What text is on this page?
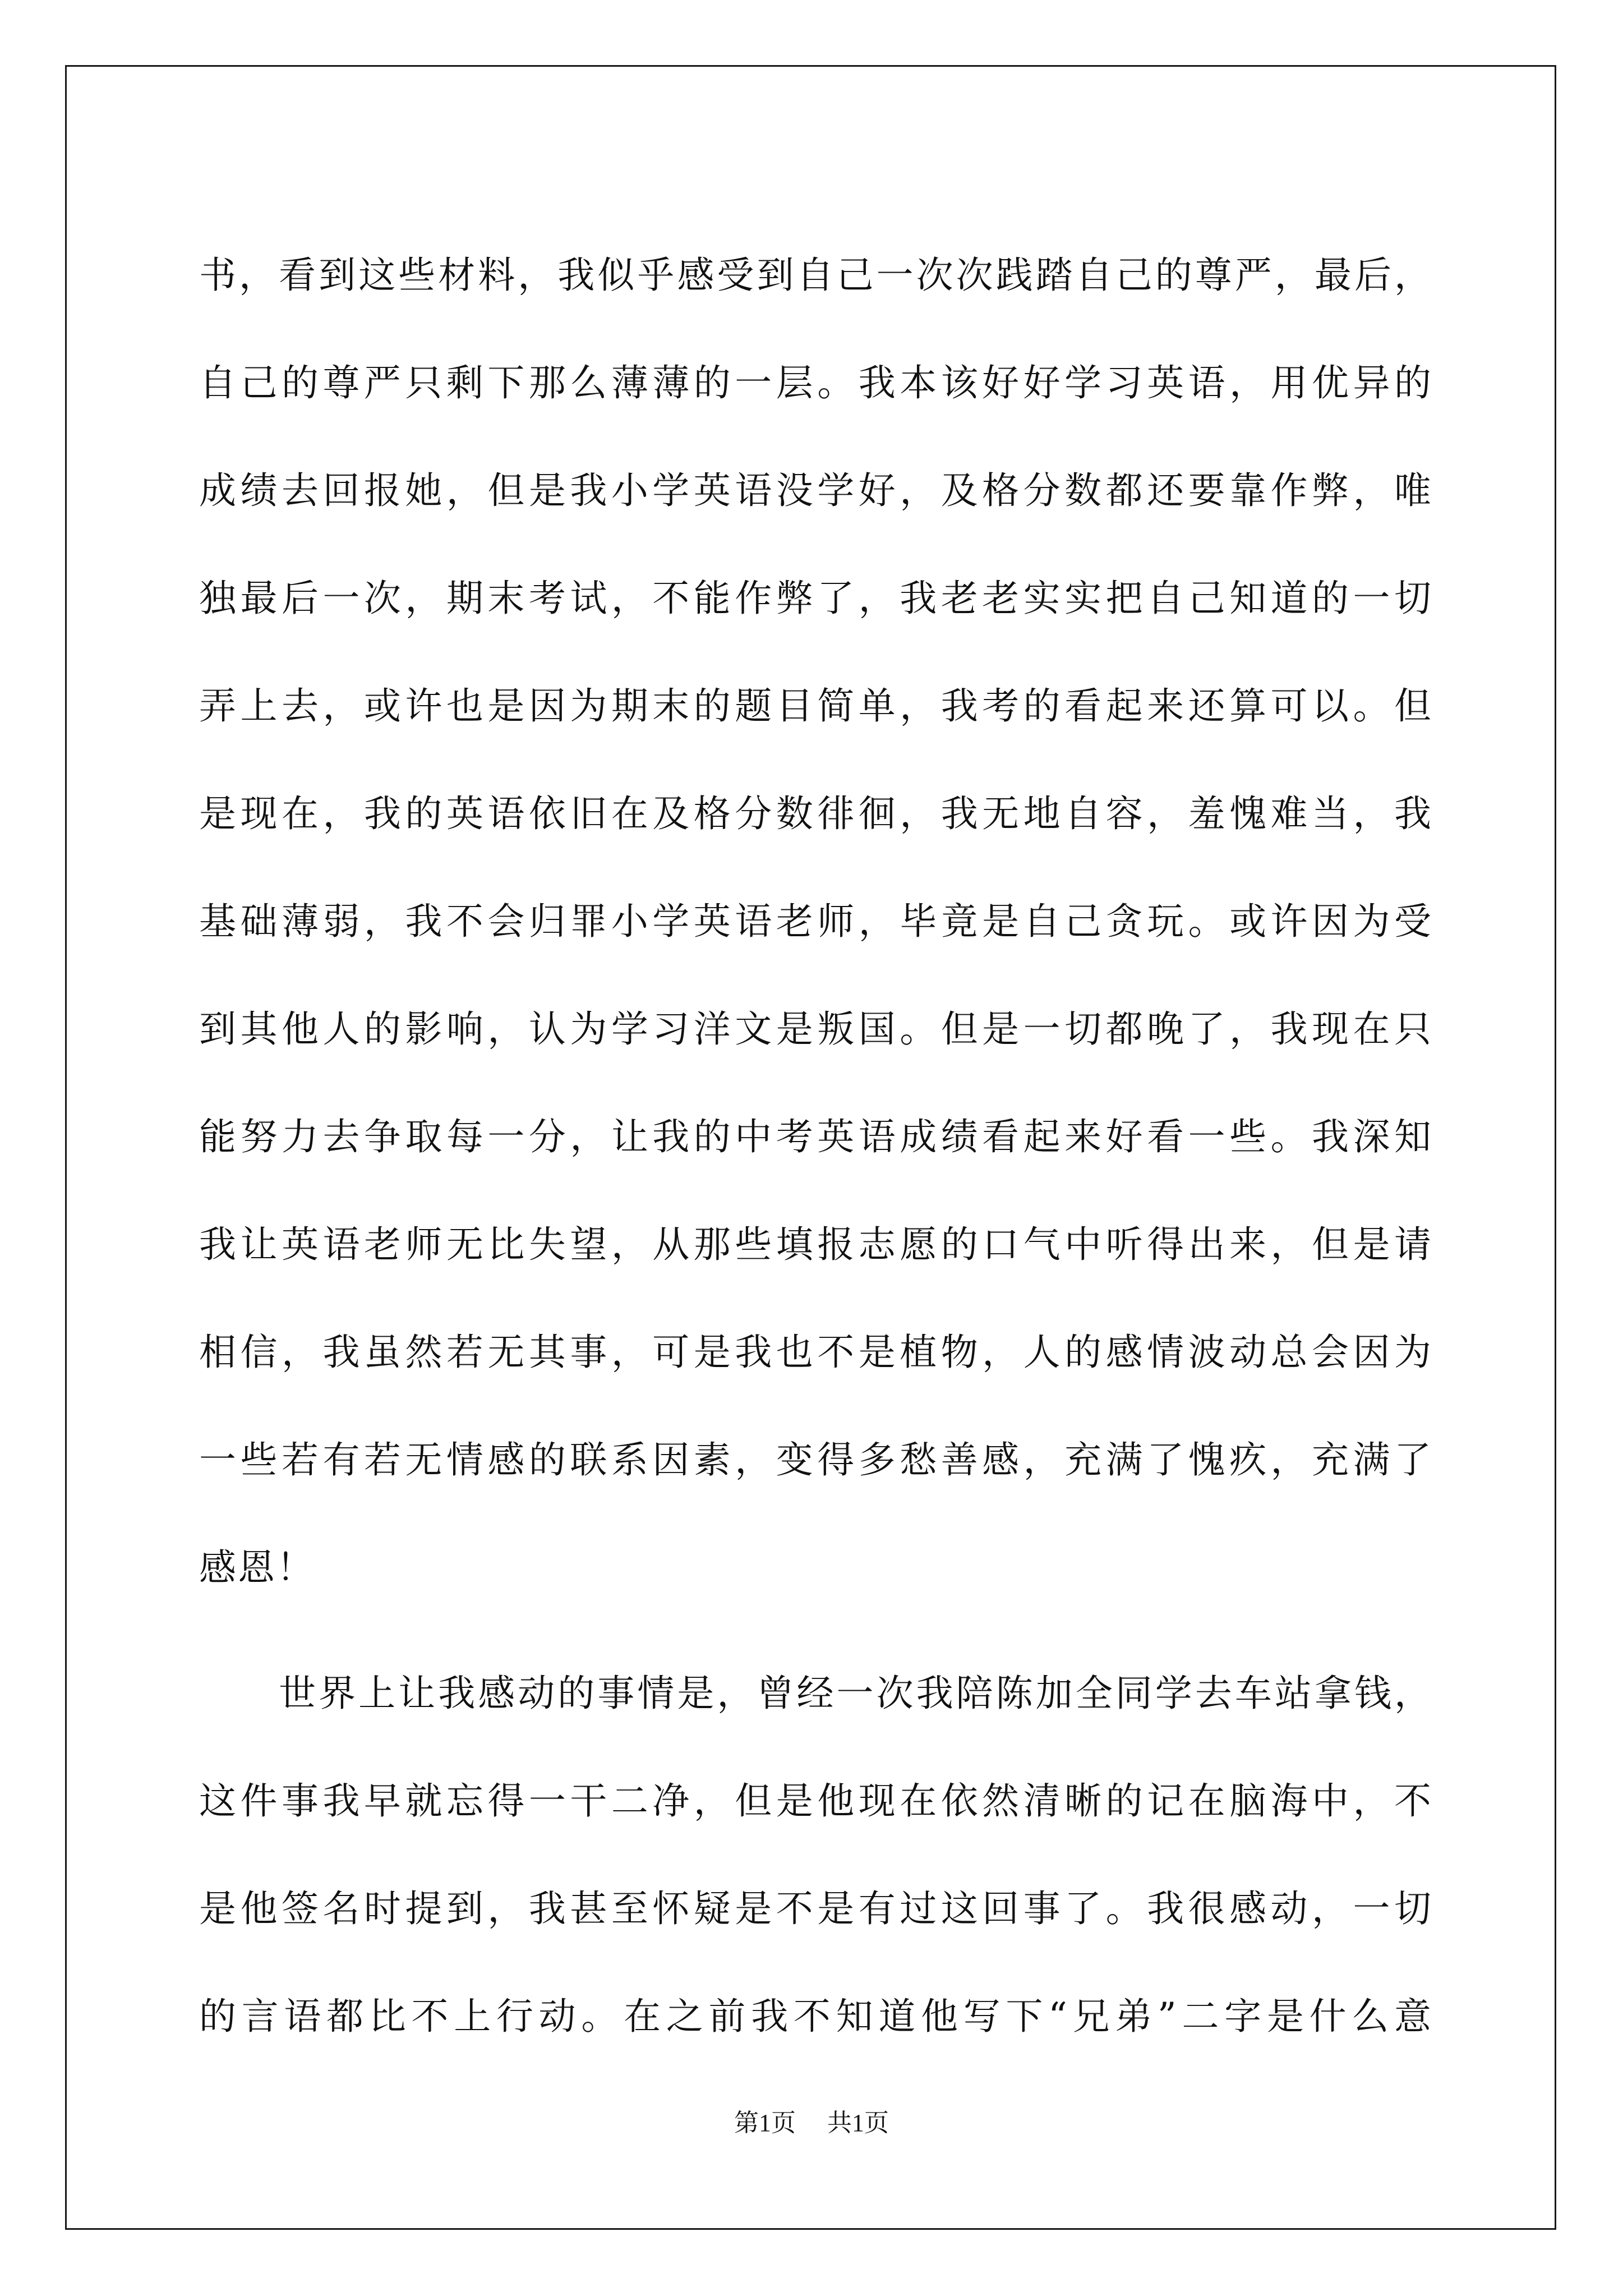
书，看到这些材料，我似乎感受到自己一次次践踏自己的尊严，最后，
自己的尊严只剩下那么薄薄的一层。我本该好好学习英语，用优异的
成绩去回报她，但是我小学英语没学好，及格分数都还要靠作弊，唯
独最后一次，期末考试，不能作弊了，我老老实实把自己知道的一切
弄上去，或许也是因为期末的题目简单，我考的看起来还算可以。但
是现在，我的英语依旧在及格分数徘徊，我无地自容，羞愧难当，我
基础薄弱，我不会归罪小学英语老师，毕竟是自己贪玩。或许因为受
到其他人的影响，认为学习洋文是叛国。但是一切都晚了，我现在只
能努力去争取每一分，让我的中考英语成绩看起来好看一些。我深知
我让英语老师无比失望，从那些填报志愿的口气中听得出来，但是请
相信，我虽然若无其事，可是我也不是植物，人的感情波动总会因为
一些若有若无情感的联系因素，变得多愁善感，充满了愧疚，充满了
感恩！
　　世界上让我感动的事情是，曾经一次我陪陈加全同学去车站拿钱，
这件事我早就忘得一干二净，但是他现在依然清晰的记在脑海中，不
是他签名时提到，我甚至怀疑是不是有过这回事了。我很感动，一切
的言语都比不上行动。在之前我不知道他写下“兄弟”二字是什么意
第1页 共1页
